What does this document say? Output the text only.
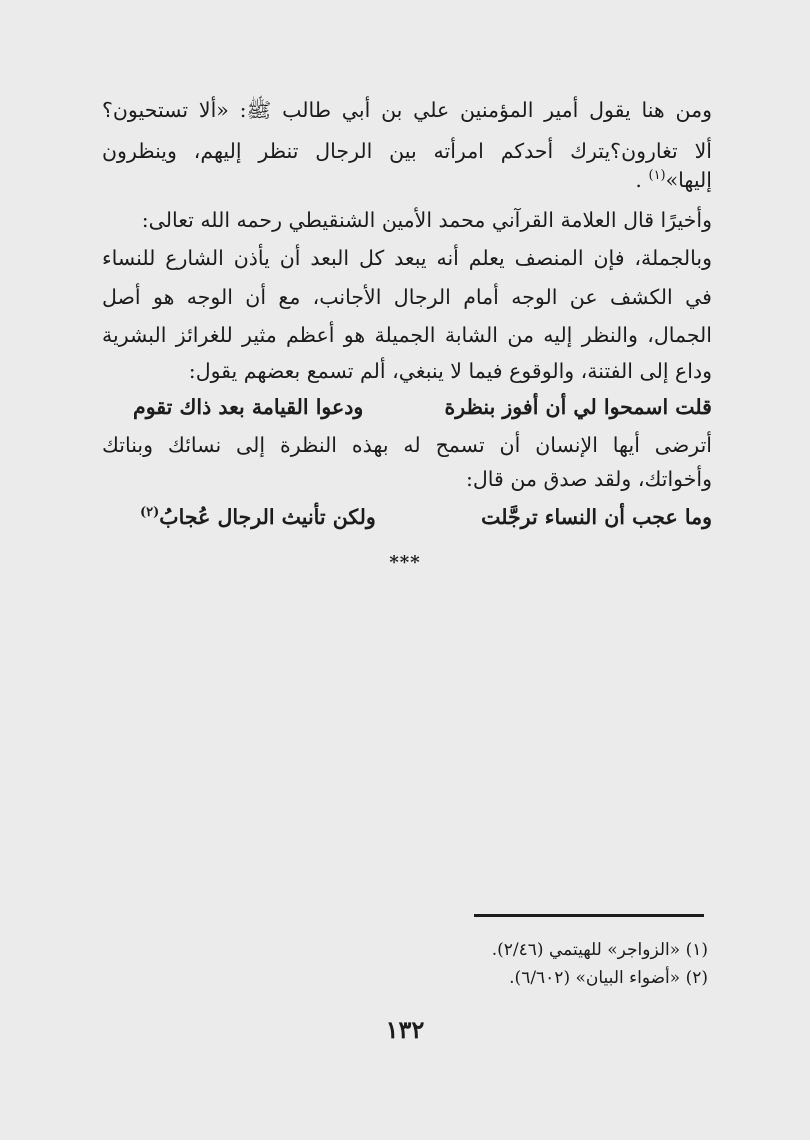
ومن هنا يقول أمير المؤمنين علي بن أبي طالب ﷺ: «ألا تستحيون؟
ألا تغارون؟يترك أحدكم امرأته بين الرجال تنظر إليهم، وينظرون
إليها»$^{(١)}$ .
وأخيرًا قال العلامة القرآني محمد الأمين الشنقيطي رحمه الله تعالى:
وبالجملة، فإن المنصف يعلم أنه يبعد كل البعد أن يأذن الشارع للنساء
في الكشف عن الوجه أمام الرجال الأجانب، مع أن الوجه هو أصل
الجمال، والنظر إليه من الشابة الجميلة هو أعظم مثير للغرائز البشرية
وداع إلى الفتنة، والوقوع فيما لا ينبغي، ألم تسمع بعضهم يقول:
قلت اسمحوا لي أن أفوز بنظرة
ودعوا القيامة بعد ذاك تقوم
أترضى أيها الإنسان أن تسمح له بهذه النظرة إلى نسائك وبناتك
وأخواتك، ولقد صدق من قال:
وما عجب أن النساء ترجَّلت
ولكن تأنيث الرجال عُجابُ$^{(٢)}$
***
(١) «الزواجر» للهيتمي (٢/٤٦).
(٢) «أضواء البيان» (٦/٦٠٢).
١٣٢
